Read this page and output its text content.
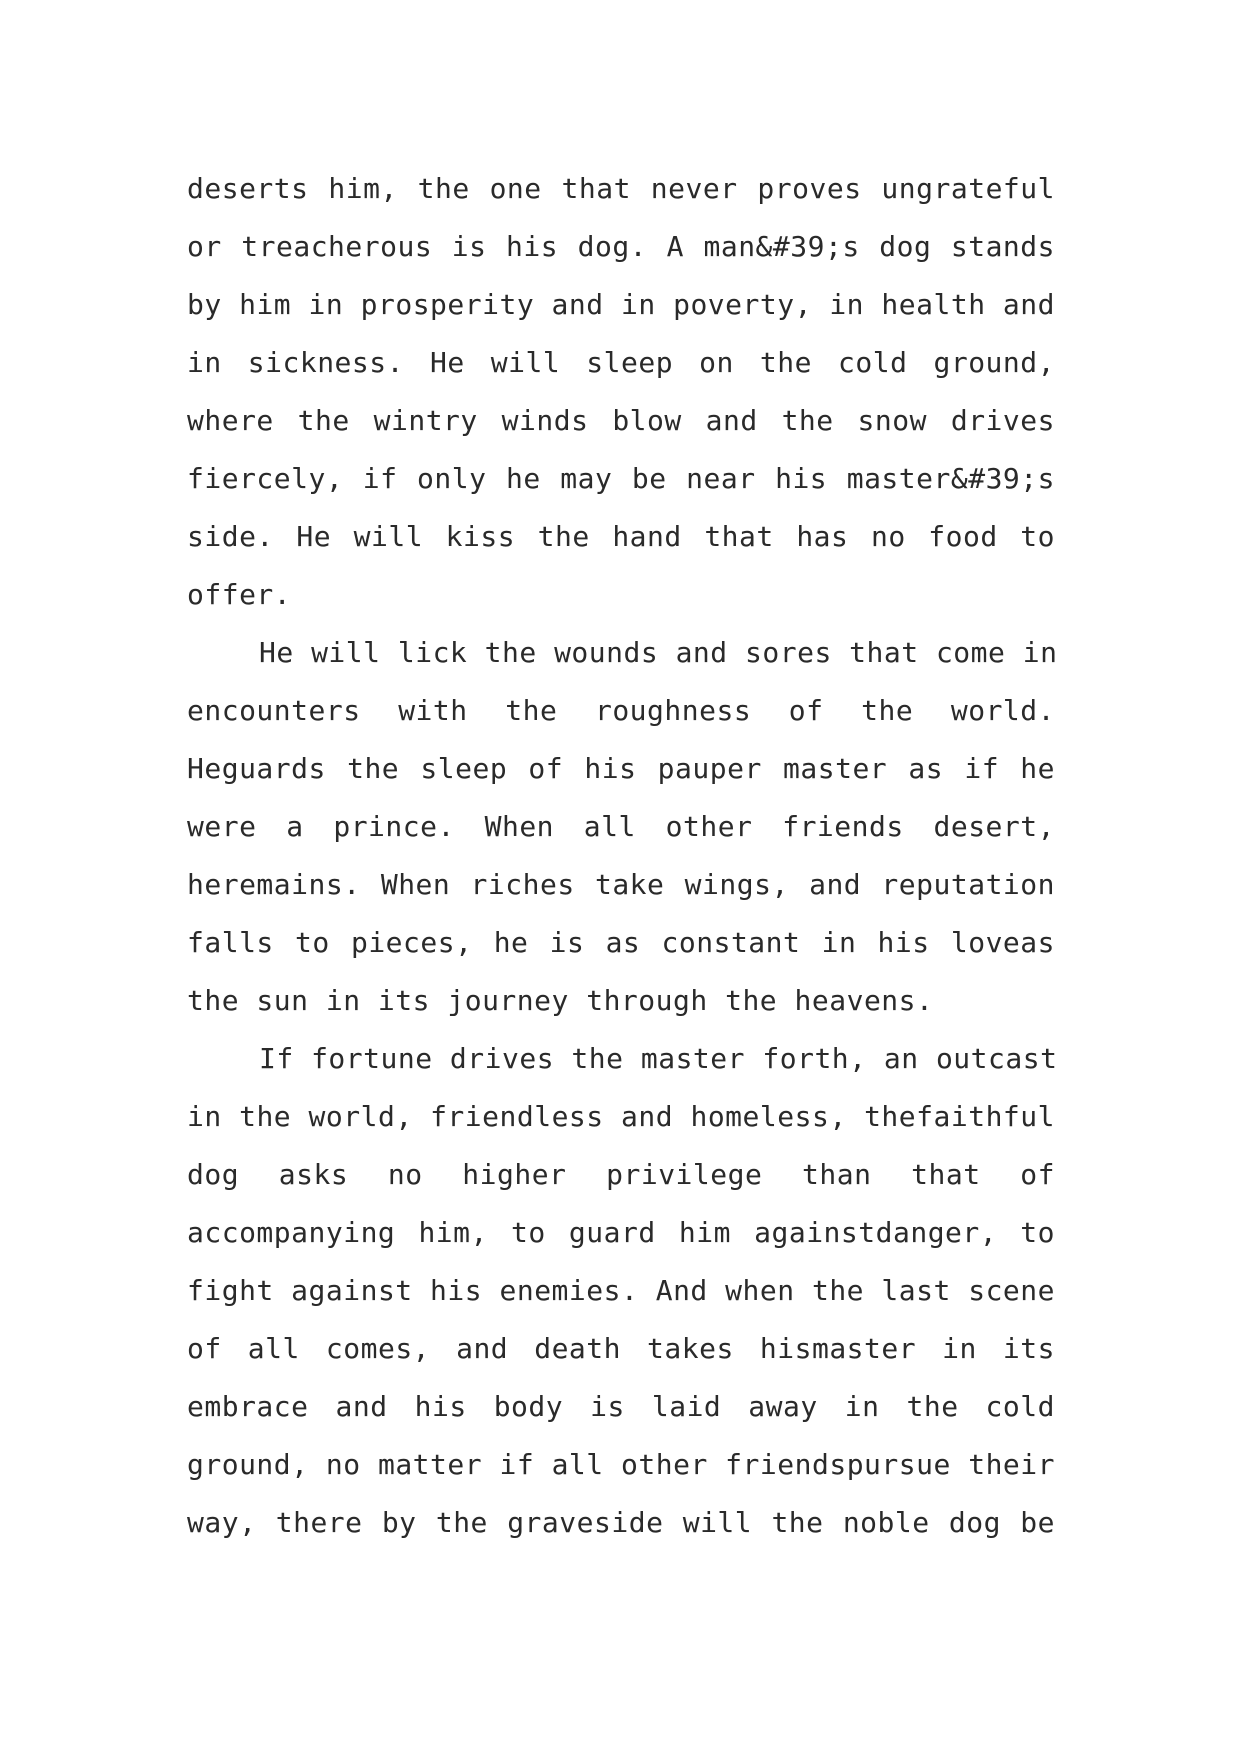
deserts him, the one that never proves ungrateful
or treacherous is his dog. A man&#39;s dog stands
by him in prosperity and in poverty, in health and
in sickness. He will sleep on the cold ground,
where the wintry winds blow and the snow drives
fiercely, if only he may be near his master&#39;s
side. He will kiss the hand that has no food to
offer.
He will lick the wounds and sores that come in
encounters with the roughness of the world.
Heguards the sleep of his pauper master as if he
were a prince. When all other friends desert,
heremains. When riches take wings, and reputation
falls to pieces, he is as constant in his loveas
the sun in its journey through the heavens.
If fortune drives the master forth, an outcast
in the world, friendless and homeless, thefaithful
dog asks no higher privilege than that of
accompanying him, to guard him againstdanger, to
fight against his enemies. And when the last scene
of all comes, and death takes hismaster in its
embrace and his body is laid away in the cold
ground, no matter if all other friendspursue their
way, there by the graveside will the noble dog be
